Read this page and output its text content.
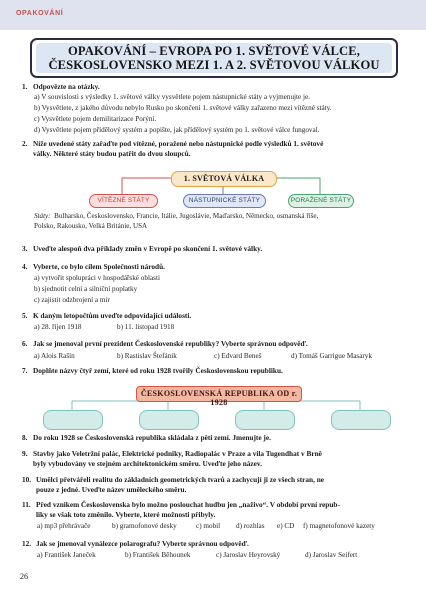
OPAKOVÁNÍ
OPAKOVÁNÍ – EVROPA PO 1. SVĚTOVÉ VÁLCE,
ČESKOSLOVENSKO MEZI 1. A 2. SVĚTOVOU VÁLKOU
1. Odpovězte na otázky.
a) V souvislosti s výsledky 1. světové války vysvětlete pojem nástupnické státy a vyjmenujte je.
b) Vysvětlete, z jakého důvodu nebylo Rusko po skončení 1. světové války zařazeno mezi vítězné státy.
c) Vysvětlete pojem demilitarizace Porýní.
d) Vysvětlete pojem přídělový systém a popište, jak přídělový systém po 1. světové válce fungoval.
2. Níže uvedené státy zařaďte pod vítězné, poražené nebo nástupnické podle výsledků 1. světové
války. Některé státy budou patřit do dvou sloupců.
1. SVĚTOVÁ VÁLKA
VÍTĚZNÉ STÁTY	NÁSTUPNICKÉ STÁTY	PORAŽENÉ STÁTY
Státy: Bulharsko, Československo, Francie, Itálie, Jugoslávie, Maďarsko, Německo, osmanská říše,
Polsko, Rakousko, Velká Británie, USA
3. Uveďte alespoň dva příklady změn v Evropě po skončení 1. světové války.
4. Vyberte, co bylo cílem Společnosti národů.
a) vytvořit spolupráci v hospodářské oblasti
b) sjednotit celní a silniční poplatky
c) zajistit odzbrojení a mír
5. K daným letopočtům uveďte odpovídající události.
a) 28. říjen 1918	b) 11. listopad 1918
6. Jak se jmenoval první prezident Československé republiky? Vyberte správnou odpověď.
a) Alois Rašín	b) Rastislav Štefánik	c) Edvard Beneš	d) Tomáš Garrigue Masaryk
7. Doplňte názvy čtyř zemí, které od roku 1928 tvořily Československou republiku.
ČESKOSLOVENSKÁ REPUBLIKA OD r. 1928
8. Do roku 1928 se Československá republika skládala z pěti zemí. Jmenujte je.
9. Stavby jako Veletržní palác, Elektrické podniky, Radiopalác v Praze a vila Tugendhat v Brně
byly vybudovány ve stejném architektonickém směru. Uveďte jeho název.
10. Umělci přetvářeli realitu do základních geometrických tvarů a zachycují ji ze všech stran, ne
pouze z jedné. Uveďte název uměleckého směru.
11. Před vznikem Československa bylo možno poslouchat hudbu jen „naživo“. V období první repub-
liky se však toto změnilo. Vyberte, které možnosti přibyly.
a) mp3 přehrávače	b) gramofonové desky	c) mobil d) rozhlas e) CD f) magnetofonové kazety
12. Jak se jmenoval vynálezce polarografu? Vyberte správnou odpověď.
a) František Janeček	b) František Běhounek	c) Jaroslav Heyrovský	d) Jaroslav Seifert
26
